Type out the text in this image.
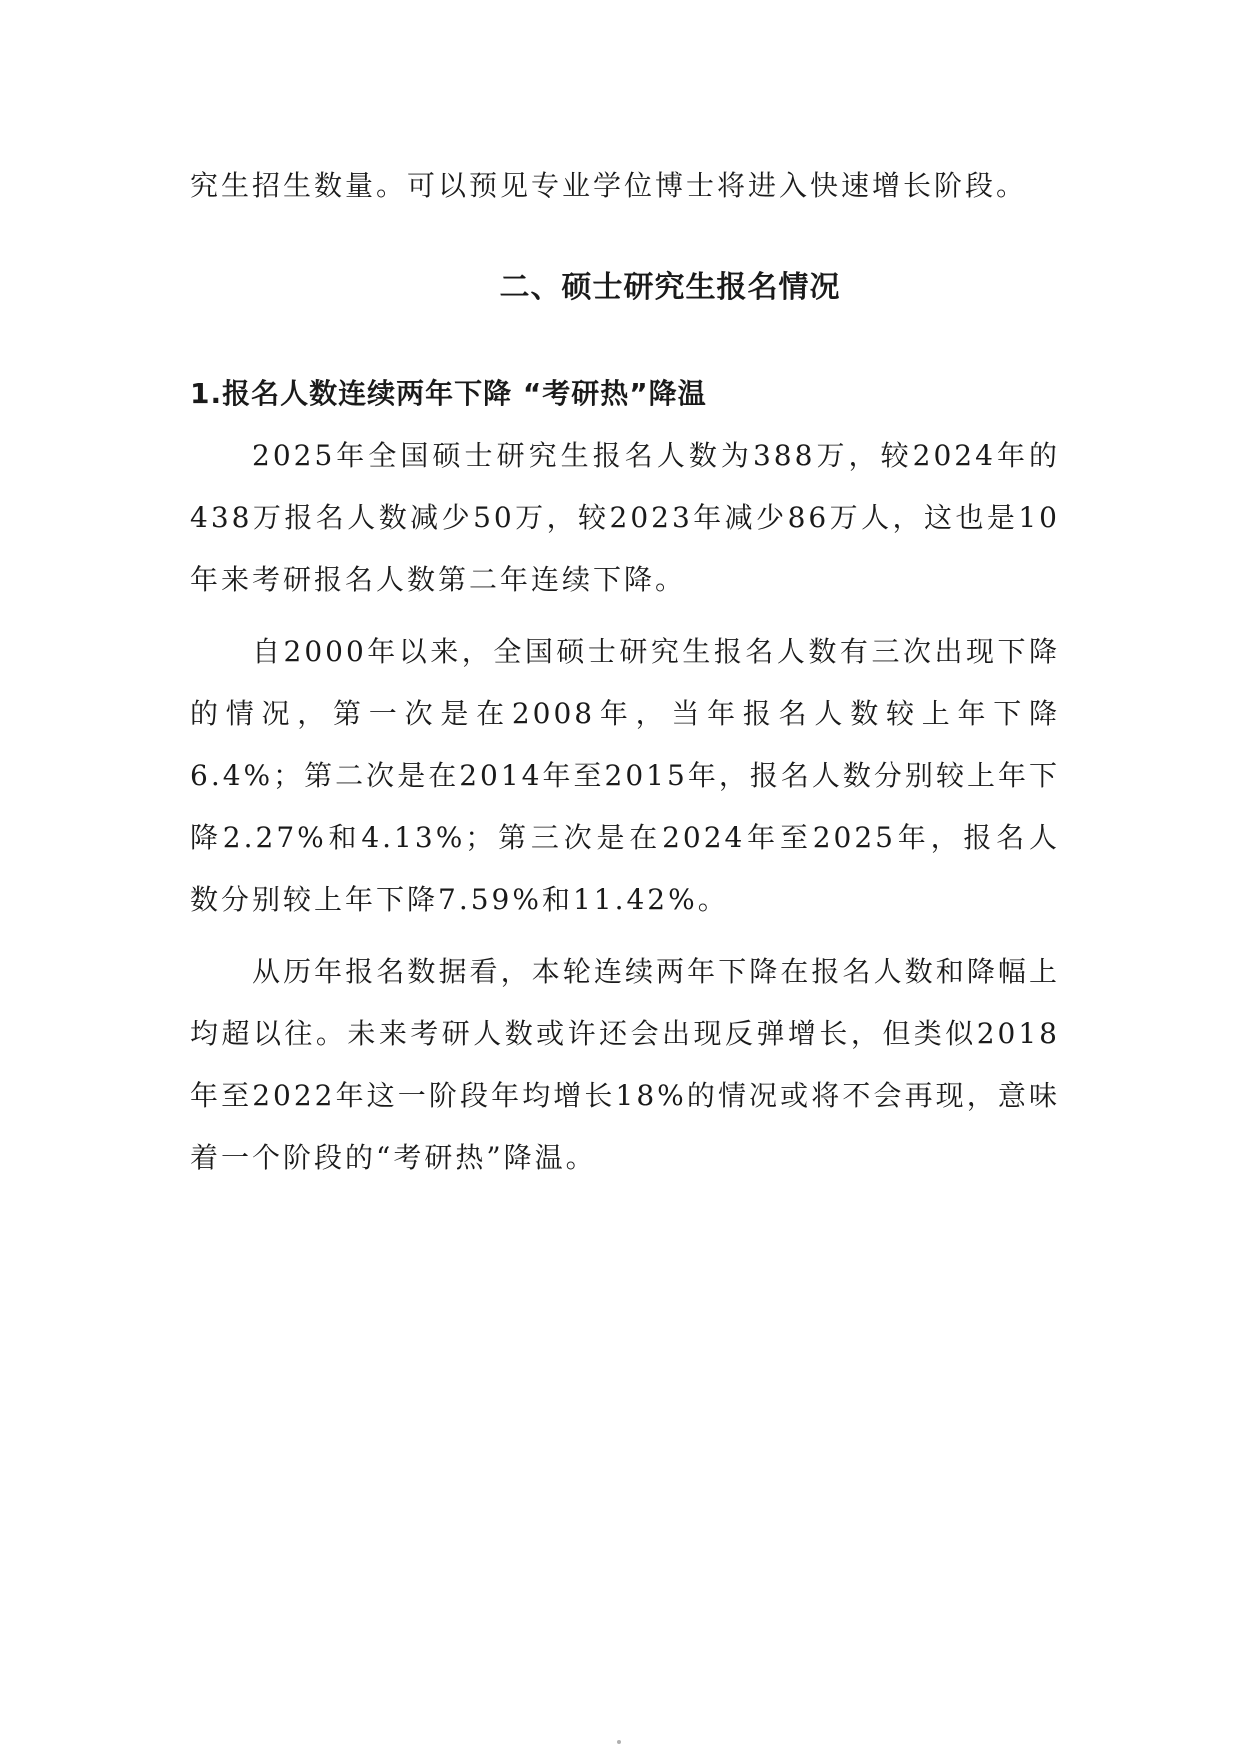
究生招生数量。可以预见专业学位博士将进入快速增长阶段。

二、硕士研究生报名情况
1.报名人数连续两年下降 “考研热”降温

2025年全国硕士研究生报名人数为388万，较2024年的438万报名人数减少50万，较2023年减少86万人，这也是10年来考研报名人数第二年连续下降。

自2000年以来，全国硕士研究生报名人数有三次出现下降的情况，第一次是在2008年，当年报名人数较上年下降6.4%；第二次是在2014年至2015年，报名人数分别较上年下降2.27%和4.13%；第三次是在2024年至2025年，报名人数分别较上年下降7.59%和11.42%。

从历年报名数据看，本轮连续两年下降在报名人数和降幅上均超以往。未来考研人数或许还会出现反弹增长，但类似2018年至2022年这一阶段年均增长18%的情况或将不会再现，意味着一个阶段的“考研热”降温。
